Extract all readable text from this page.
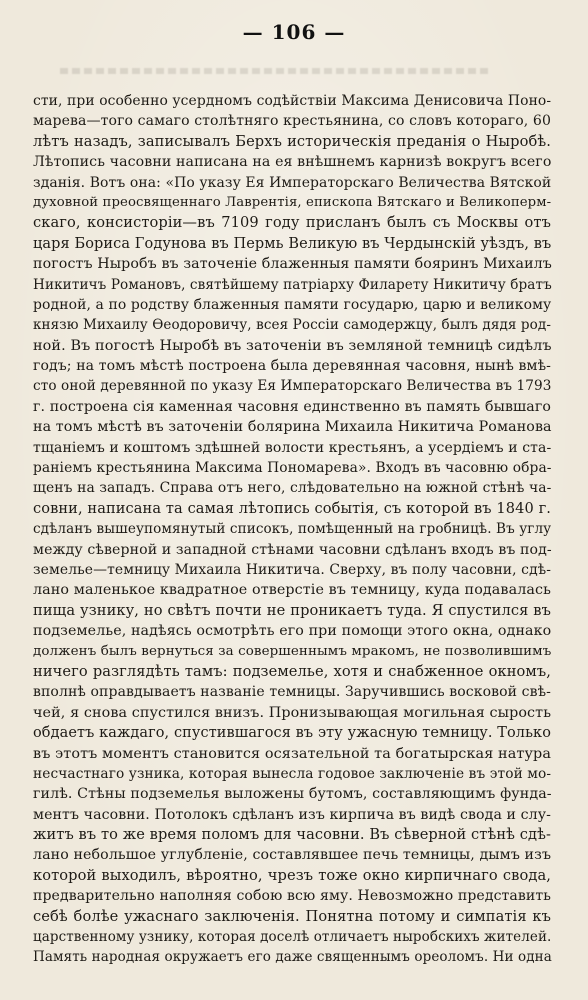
— 106 —
сти, при особенно усердномъ содѣйствіи Максима Денисовича Поно-
марева—того самаго столѣтняго крестьянина, со словъ котораго, 60
лѣтъ назадъ, записывалъ Берхъ историческія преданія о Ныробѣ.
Лѣтопись часовни написана на ея внѣшнемъ карнизѣ вокругъ всего
зданія. Вотъ она: «По указу Ея Императорскаго Величества Вятской
духовной преосвященнаго Лаврентія, епископа Вятскаго и Великоперм-
скаго, консисторіи—въ 7109 году присланъ былъ съ Москвы отъ
царя Бориса Годунова въ Пермь Великую въ Чердынскій уѣздъ, въ
погостъ Ныробъ въ заточеніе блаженныя памяти бояринъ Михаилъ
Никитичъ Романовъ, святѣйшему патріарху Филарету Никитичу братъ
родной, а по родству блаженныя памяти государю, царю и великому
князю Михаилу Ѳеодоровичу, всея Россіи самодержцу, былъ дядя род-
ной. Въ погостѣ Ныробѣ въ заточеніи въ земляной темницѣ сидѣлъ
годъ; на томъ мѣстѣ построена была деревянная часовня, нынѣ вмѣ-
сто оной деревянной по указу Ея Императорскаго Величества въ 1793
г. построена сія каменная часовня единственно въ память бывшаго
на томъ мѣстѣ въ заточеніи болярина Михаила Никитича Романова
тщаніемъ и коштомъ здѣшней волости крестьянъ, а усердіемъ и ста-
раніемъ крестьянина Максима Пономарева». Входъ въ часовню обра-
щенъ на западъ. Справа отъ него, слѣдовательно на южной стѣнѣ ча-
совни, написана та самая лѣтопись событія, съ которой въ 1840 г.
сдѣланъ вышеупомянутый списокъ, помѣщенный на гробницѣ. Въ углу
между сѣверной и западной стѣнами часовни сдѣланъ входъ въ под-
земелье—темницу Михаила Никитича. Сверху, въ полу часовни, сдѣ-
лано маленькое квадратное отверстіе въ темницу, куда подавалась
пища узнику, но свѣтъ почти не проникаетъ туда. Я спустился въ
подземелье, надѣясь осмотрѣть его при помощи этого окна, однако
долженъ былъ вернуться за совершеннымъ мракомъ, не позволившимъ
ничего разглядѣть тамъ: подземелье, хотя и снабженное окномъ,
вполнѣ оправдываетъ названіе темницы. Заручившись восковой свѣ-
чей, я снова спустился внизъ. Пронизывающая могильная сырость
обдаетъ каждаго, спустившагося въ эту ужасную темницу. Только
въ этотъ моментъ становится осязательной та богатырская натура
несчастнаго узника, которая вынесла годовое заключеніе въ этой мо-
гилѣ. Стѣны подземелья выложены бутомъ, составляющимъ фунда-
ментъ часовни. Потолокъ сдѣланъ изъ кирпича въ видѣ свода и слу-
житъ въ то же время поломъ для часовни. Въ сѣверной стѣнѣ сдѣ-
лано небольшое углубленіе, составлявшее печь темницы, дымъ изъ
которой выходилъ, вѣроятно, чрезъ тоже окно кирпичнаго свода,
предварительно наполняя собою всю яму. Невозможно представить
себѣ болѣе ужаснаго заключенія. Понятна потому и симпатія къ
царственному узнику, которая доселѣ отличаетъ ныробскихъ жителей.
Память народная окружаетъ его даже священнымъ ореоломъ. Ни одна
